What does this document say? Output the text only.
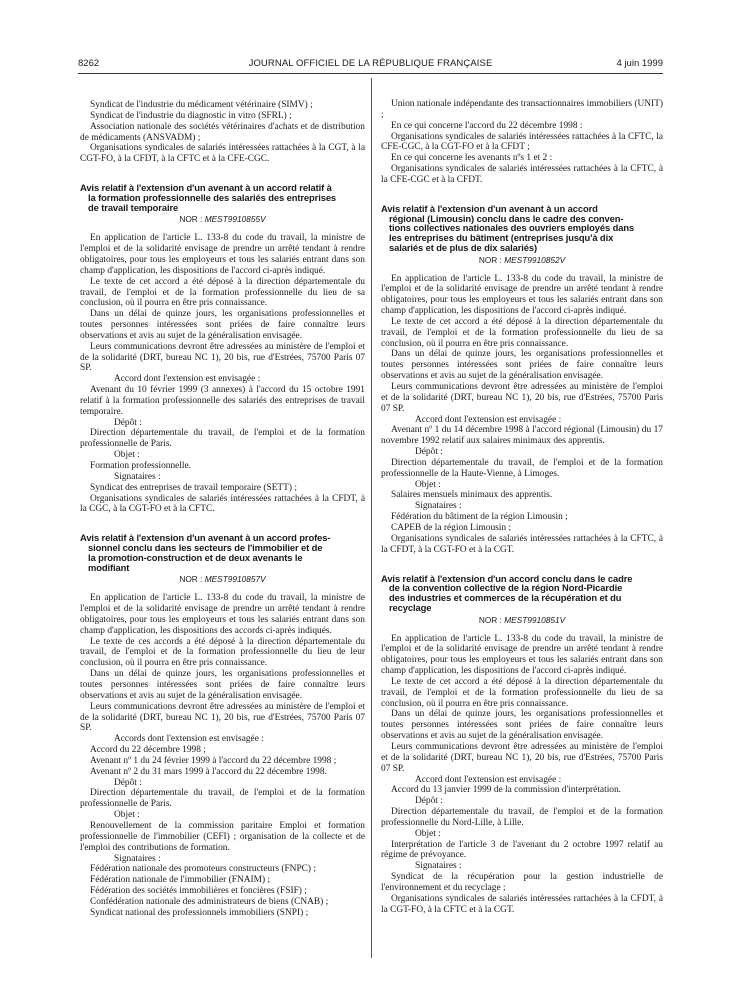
8262	JOURNAL OFFICIEL DE LA RÉPUBLIQUE FRANÇAISE	4 juin 1999

Syndicat de l'industrie du médicament vétérinaire (SIMV) ;

Syndicat de l'industrie du diagnostic in vitro (SFRL) ;

Association nationale des sociétés vétérinaires d'achats et de distribution de médicaments (ANSVADM) ;

Organisations syndicales de salariés intéressées rattachées à la CGT, à la CGT-FO, à la CFDT, à la CFTC et à la CFE-CGC.

Avis relatif à l'extension d'un avenant à un accord relatif à
la formation professionnelle des salariés des entreprises
de travail temporaire

NOR : MEST9910855V

En application de l'article L. 133-8 du code du travail, la ministre de l'emploi et de la solidarité envisage de prendre un arrêté tendant à rendre obligatoires, pour tous les employeurs et tous les salariés entrant dans son champ d'application, les dispositions de l'accord ci-après indiqué.

Le texte de cet accord a été déposé à la direction départementale du travail, de l'emploi et de la formation professionnelle du lieu de sa conclusion, où il pourra en être pris connaissance.

Dans un délai de quinze jours, les organisations professionnelles et toutes personnes intéressées sont priées de faire connaître leurs observations et avis au sujet de la généralisation envisagée.

Leurs communications devront être adressées au ministère de l'emploi et de la solidarité (DRT, bureau NC 1), 20 bis, rue d'Estrées, 75700 Paris 07 SP.

Accord dont l'extension est envisagée :

Avenant du 10 février 1999 (3 annexes) à l'accord du 15 octobre 1991 relatif à la formation professionnelle des salariés des entreprises de travail temporaire.

Dépôt :

Direction départementale du travail, de l'emploi et de la formation professionnelle de Paris.

Objet :

Formation professionnelle.

Signataires :

Syndicat des entreprises de travail temporaire (SETT) ;

Organisations syndicales de salariés intéressées rattachées à la CFDT, à la CGC, à la CGT-FO et à la CFTC.

Avis relatif à l'extension d'un avenant à un accord profes-
sionnel conclu dans les secteurs de l'immobilier et de
la promotion-construction et de deux avenants le
modifiant

NOR : MEST9910857V

En application de l'article L. 133-8 du code du travail, la ministre de l'emploi et de la solidarité envisage de prendre un arrêté tendant à rendre obligatoires, pour tous les employeurs et tous les salariés entrant dans son champ d'application, les dispositions des accords ci-après indiqués.

Le texte de ces accords a été déposé à la direction départementale du travail, de l'emploi et de la formation professionnelle du lieu de leur conclusion, où il pourra en être pris connaissance.

Dans un délai de quinze jours, les organisations professionnelles et toutes personnes intéressées sont priées de faire connaître leurs observations et avis au sujet de la généralisation envisagée.

Leurs communications devront être adressées au ministère de l'emploi et de la solidarité (DRT, bureau NC 1), 20 bis, rue d'Estrées, 75700 Paris 07 SP.

Accords dont l'extension est envisagée :

Accord du 22 décembre 1998 ;

Avenant nº 1 du 24 février 1999 à l'accord du 22 décembre 1998 ;

Avenant nº 2 du 31 mars 1999 à l'accord du 22 décembre 1998.

Dépôt :

Direction départementale du travail, de l'emploi et de la formation professionnelle de Paris.

Objet :

Renouvellement de la commission paritaire Emploi et formation professionnelle de l'immobilier (CEFI) ; organisation de la collecte et de l'emploi des contributions de formation.

Signataires :

Fédération nationale des promoteurs constructeurs (FNPC) ;

Fédération nationale de l'immobilier (FNAIM) ;

Fédération des sociétés immobilières et foncières (FSIF) ;

Confédération nationale des administrateurs de biens (CNAB) ;

Syndicat national des professionnels immobiliers (SNPI) ;

Union nationale indépendante des transactionnaires immobiliers (UNIT) ;

En ce qui concerne l'accord du 22 décembre 1998 :

Organisations syndicales de salariés intéressées rattachées à la CFTC, la CFE-CGC, à la CGT-FO et à la CFDT ;

En ce qui concerne les avenants nºs 1 et 2 :

Organisations syndicales de salariés intéressées rattachées à la CFTC, à la CFE-CGC et à la CFDT.

Avis relatif à l'extension d'un avenant à un accord
régional (Limousin) conclu dans le cadre des conven-
tions collectives nationales des ouvriers employés dans
les entreprises du bâtiment (entreprises jusqu'à dix
salariés et de plus de dix salariés)

NOR : MEST9910852V

En application de l'article L. 133-8 du code du travail, la ministre de l'emploi et de la solidarité envisage de prendre un arrêté tendant à rendre obligatoires, pour tous les employeurs et tous les salariés entrant dans son champ d'application, les dispositions de l'accord ci-après indiqué.

Le texte de cet accord a été déposé à la direction départementale du travail, de l'emploi et de la formation professionnelle du lieu de sa conclusion, où il pourra en être pris connaissance.

Dans un délai de quinze jours, les organisations professionnelles et toutes personnes intéressées sont priées de faire connaître leurs observations et avis au sujet de la généralisation envisagée.

Leurs communications devront être adressées au ministère de l'emploi et de la solidarité (DRT, bureau NC 1), 20 bis, rue d'Estrées, 75700 Paris 07 SP.

Accord dont l'extension est envisagée :

Avenant nº 1 du 14 décembre 1998 à l'accord régional (Limousin) du 17 novembre 1992 relatif aux salaires minimaux des apprentis.

Dépôt :

Direction départementale du travail, de l'emploi et de la formation professionnelle de la Haute-Vienne, à Limoges.

Objet :

Salaires mensuels minimaux des apprentis.

Signataires :

Fédération du bâtiment de la région Limousin ;

CAPEB de la région Limousin ;

Organisations syndicales de salariés intéressées rattachées à la CFTC, à la CFDT, à la CGT-FO et à la CGT.

Avis relatif à l'extension d'un accord conclu dans le cadre
de la convention collective de la région Nord-Picardie
des industries et commerces de la récupération et du
recyclage

NOR : MEST9910851V

En application de l'article L. 133-8 du code du travail, la ministre de l'emploi et de la solidarité envisage de prendre un arrêté tendant à rendre obligatoires, pour tous les employeurs et tous les salariés entrant dans son champ d'application, les dispositions de l'accord ci-après indiqué.

Le texte de cet accord a été déposé à la direction départementale du travail, de l'emploi et de la formation professionnelle du lieu de sa conclusion, où il pourra en être pris connaissance.

Dans un délai de quinze jours, les organisations professionnelles et toutes personnes intéressées sont priées de faire connaître leurs observations et avis au sujet de la généralisation envisagée.

Leurs communications devront être adressées au ministère de l'emploi et de la solidarité (DRT, bureau NC 1), 20 bis, rue d'Estrées, 75700 Paris 07 SP.

Accord dont l'extension est envisagée :

Accord du 13 janvier 1999 de la commission d'interprétation.

Dépôt :

Direction départementale du travail, de l'emploi et de la formation professionnelle du Nord-Lille, à Lille.

Objet :

Interprétation de l'article 3 de l'avenant du 2 octobre 1997 relatif au régime de prévoyance.

Signataires :

Syndicat de la récupération pour la gestion industrielle de l'environnement et du recyclage ;

Organisations syndicales de salariés intéressées rattachées à la CFDT, à la CGT-FO, à la CFTC et à la CGT.
